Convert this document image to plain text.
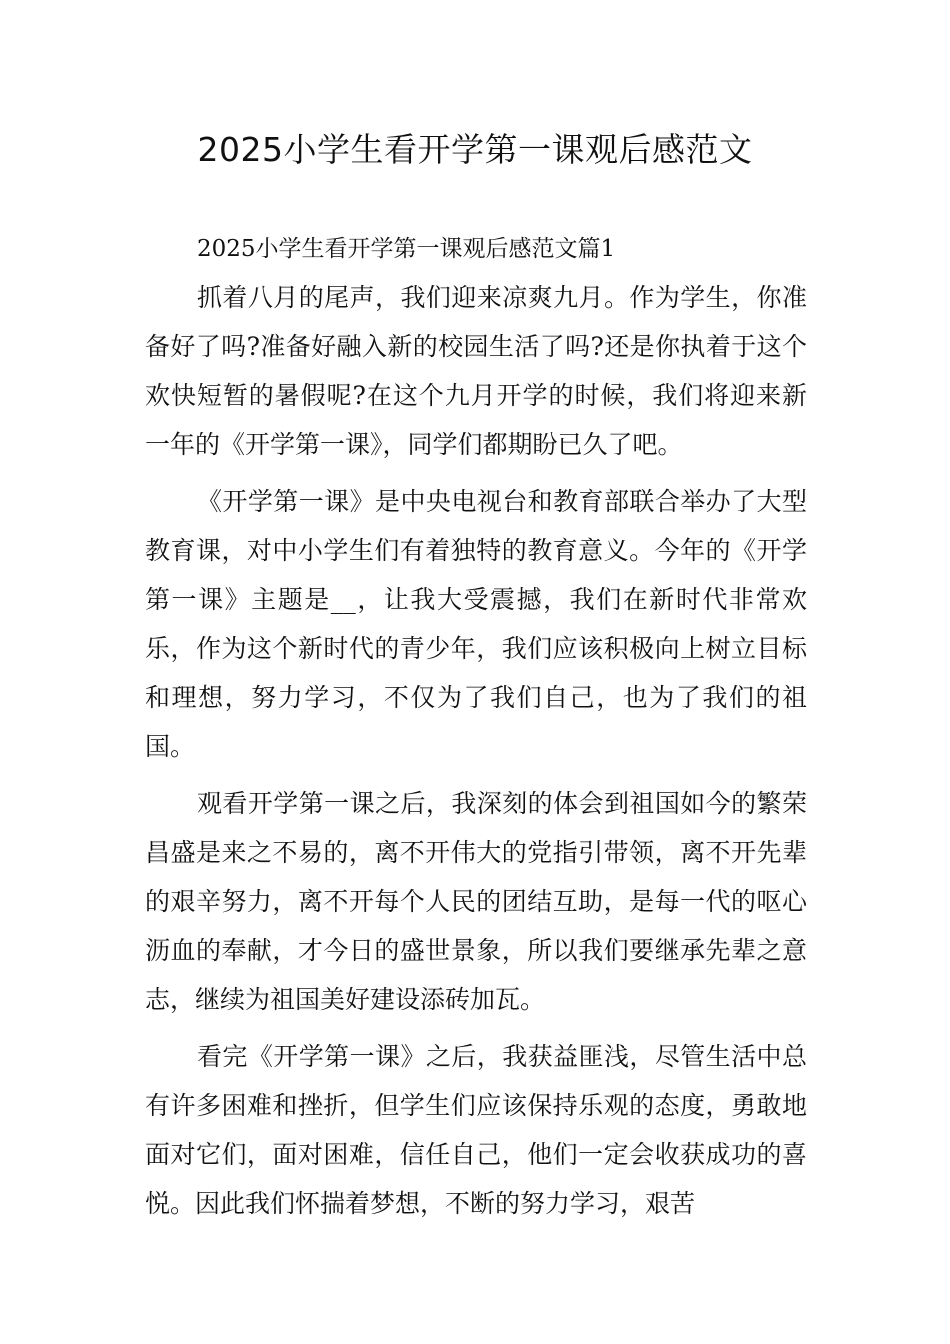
2025小学生看开学第一课观后感范文

2025小学生看开学第一课观后感范文篇1

抓着八月的尾声，我们迎来凉爽九月。作为学生，你准备好了吗?准备好融入新的校园生活了吗?还是你执着于这个欢快短暂的暑假呢?在这个九月开学的时候，我们将迎来新一年的《开学第一课》，同学们都期盼已久了吧。

《开学第一课》是中央电视台和教育部联合举办了大型教育课，对中小学生们有着独特的教育意义。今年的《开学第一课》主题是__，让我大受震撼，我们在新时代非常欢乐，作为这个新时代的青少年，我们应该积极向上树立目标和理想，努力学习，不仅为了我们自己，也为了我们的祖国。

观看开学第一课之后，我深刻的体会到祖国如今的繁荣昌盛是来之不易的，离不开伟大的党指引带领，离不开先辈的艰辛努力，离不开每个人民的团结互助，是每一代的呕心沥血的奉献，才今日的盛世景象，所以我们要继承先辈之意志，继续为祖国美好建设添砖加瓦。

看完《开学第一课》之后，我获益匪浅，尽管生活中总有许多困难和挫折，但学生们应该保持乐观的态度，勇敢地面对它们，面对困难，信任自己，他们一定会收获成功的喜悦。因此我们怀揣着梦想，不断的努力学习，艰苦
